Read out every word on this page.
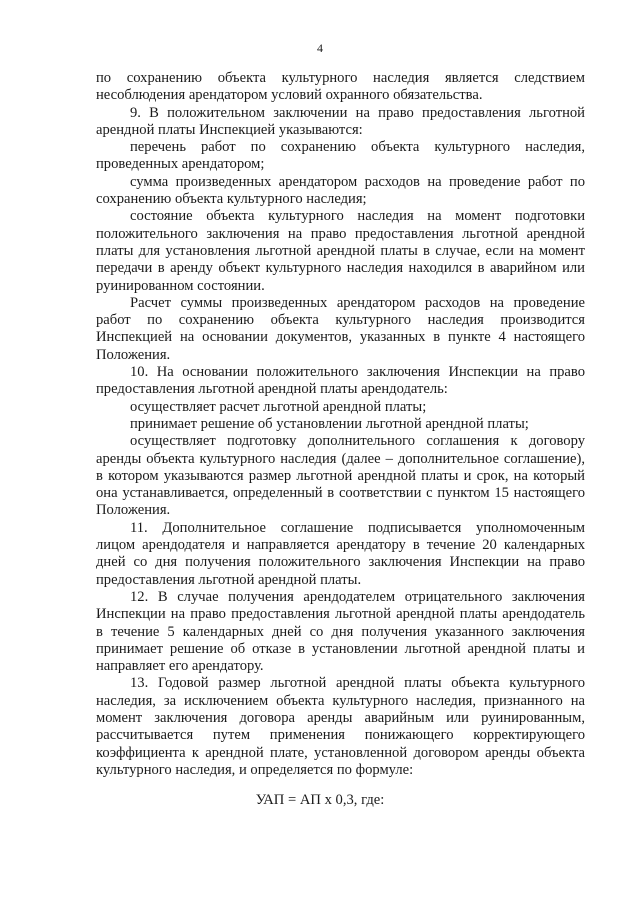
4

по сохранению объекта культурного наследия является следствием

несоблюдения арендатором условий охранного обязательства.

9. В положительном заключении на право предоставления льготной

арендной платы Инспекцией указываются:

перечень работ по сохранению объекта культурного наследия,

проведенных арендатором;

сумма произведенных арендатором расходов на проведение работ по

сохранению объекта культурного наследия;

состояние объекта культурного наследия на момент подготовки

положительного заключения на право предоставления льготной арендной

платы для установления льготной арендной платы в случае, если на момент

передачи в аренду объект культурного наследия находился в аварийном или

руинированном состоянии.

Расчет суммы произведенных арендатором расходов на проведение

работ по сохранению объекта культурного наследия производится

Инспекцией на основании документов, указанных в пункте 4 настоящего

Положения.

10. На основании положительного заключения Инспекции на право

предоставления льготной арендной платы арендодатель:

осуществляет расчет льготной арендной платы;

принимает решение об установлении льготной арендной платы;

осуществляет подготовку дополнительного соглашения к договору

аренды объекта культурного наследия (далее – дополнительное соглашение),

в котором указываются размер льготной арендной платы и срок, на который

она устанавливается, определенный в соответствии с пунктом 15 настоящего

Положения.

11. Дополнительное соглашение подписывается уполномоченным

лицом арендодателя и направляется арендатору в течение 20 календарных

дней со дня получения положительного заключения Инспекции на право

предоставления льготной арендной платы.

12. В случае получения арендодателем отрицательного заключения

Инспекции на право предоставления льготной арендной платы арендодатель

в течение 5 календарных дней со дня получения указанного заключения

принимает решение об отказе в установлении льготной арендной платы и

направляет его арендатору.

13. Годовой размер льготной арендной платы объекта культурного

наследия, за исключением объекта культурного наследия, признанного на

момент заключения договора аренды аварийным или руинированным,

рассчитывается путем применения понижающего корректирующего

коэффициента к арендной плате, установленной договором аренды объекта

культурного наследия, и определяется по формуле:

УАП = АП x 0,3, где:
